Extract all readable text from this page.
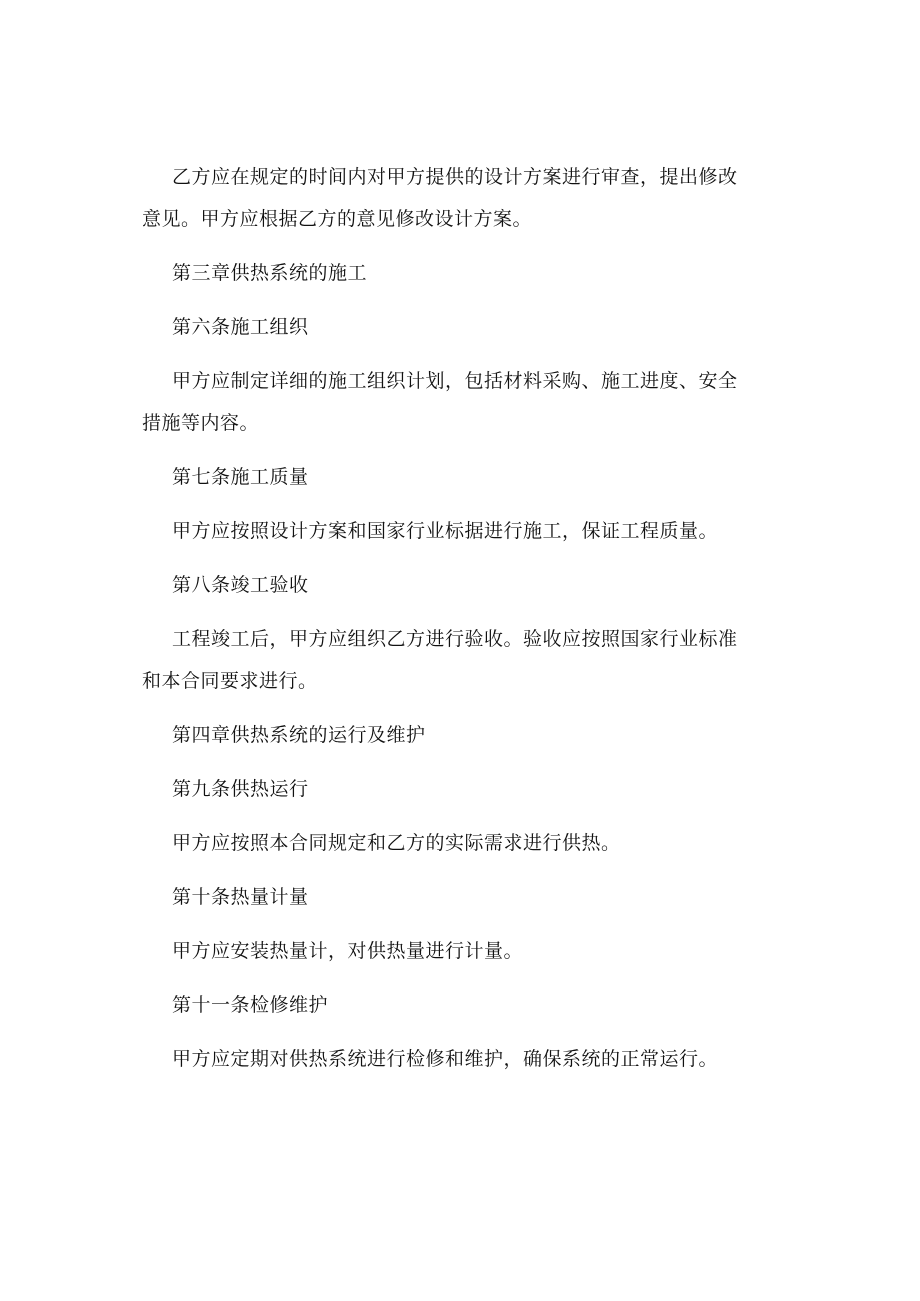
乙方应在规定的时间内对甲方提供的设计方案进行审查，提出修改意见。甲方应根据乙方的意见修改设计方案。

第三章供热系统的施工

第六条施工组织

甲方应制定详细的施工组织计划，包括材料采购、施工进度、安全措施等内容。

第七条施工质量

甲方应按照设计方案和国家行业标据进行施工，保证工程质量。

第八条竣工验收

工程竣工后，甲方应组织乙方进行验收。验收应按照国家行业标准和本合同要求进行。

第四章供热系统的运行及维护

第九条供热运行

甲方应按照本合同规定和乙方的实际需求进行供热。

第十条热量计量

甲方应安装热量计，对供热量进行计量。

第十一条检修维护

甲方应定期对供热系统进行检修和维护，确保系统的正常运行。
